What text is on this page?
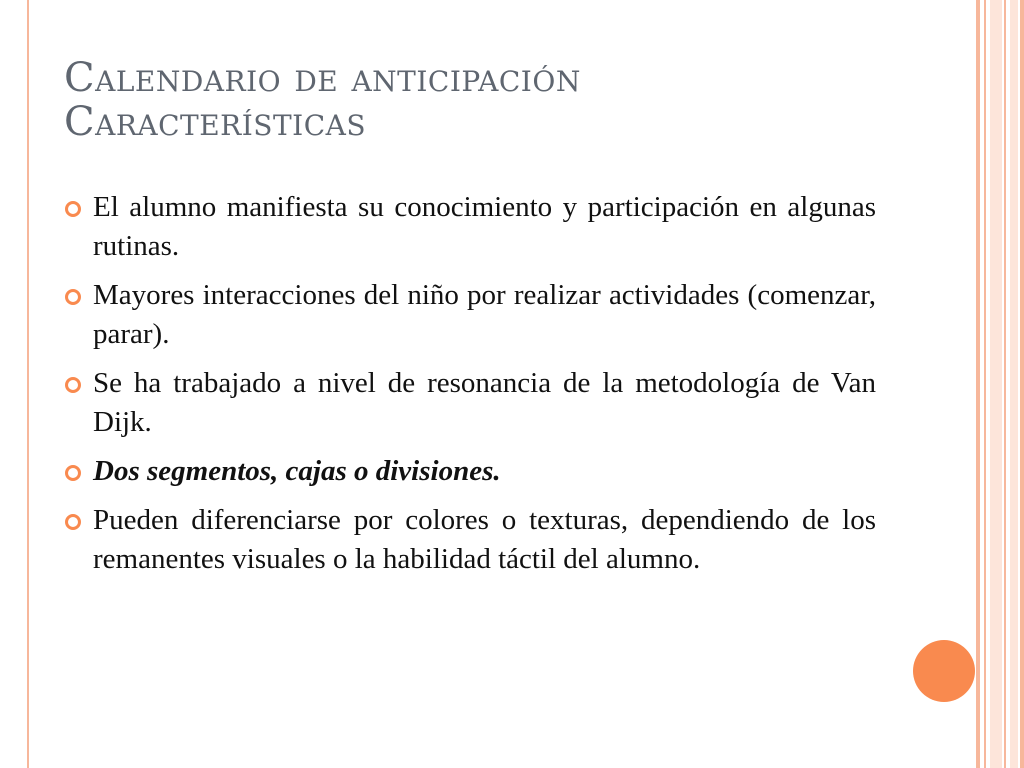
Calendario de anticipación
Características
El alumno manifiesta su conocimiento y participación en algunas rutinas.
Mayores interacciones del niño por realizar actividades (comenzar, parar).
Se ha trabajado a nivel de resonancia de la metodología de Van Dijk.
Dos segmentos, cajas o divisiones.
Pueden diferenciarse por colores o texturas, dependiendo de los remanentes visuales o la habilidad táctil del alumno.
